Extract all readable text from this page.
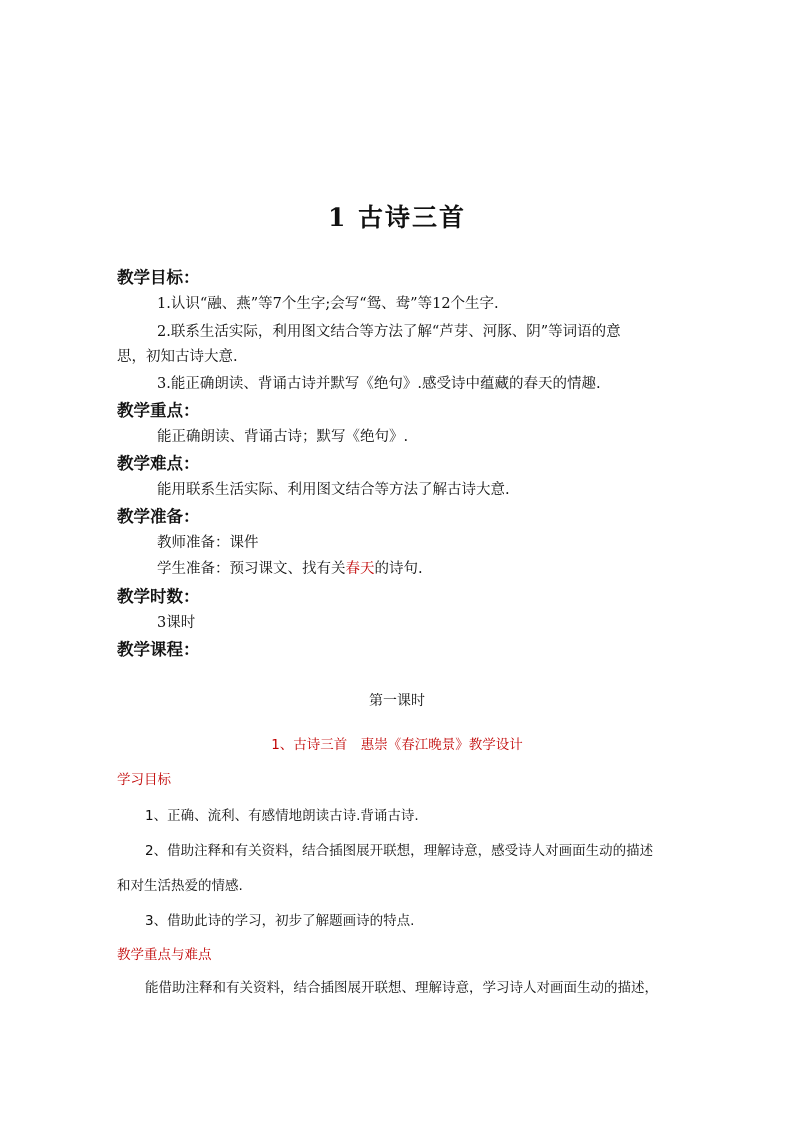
1 古诗三首
教学目标：
1.认识“融、燕”等7个生字;会写“鸳、鸯”等12个生字.
2.联系生活实际，利用图文结合等方法了解“芦芽、河豚、阴”等词语的意
思，初知古诗大意.
3.能正确朗读、背诵古诗并默写《绝句》.感受诗中蕴藏的春天的情趣.
教学重点：
能正确朗读、背诵古诗；默写《绝句》.
教学难点：
能用联系生活实际、利用图文结合等方法了解古诗大意.
教学准备：
教师准备：课件
学生准备：预习课文、找有关春天的诗句.
教学时数：
3课时
教学课程：
第一课时
1、古诗三首　惠崇《春江晚景》教学设计
学习目标
1、正确、流利、有感情地朗读古诗.背诵古诗.
2、借助注释和有关资料，结合插图展开联想，理解诗意，感受诗人对画面生动的描述
和对生活热爱的情感.
3、借助此诗的学习，初步了解题画诗的特点.
教学重点与难点
能借助注释和有关资料，结合插图展开联想、理解诗意，学习诗人对画面生动的描述，
